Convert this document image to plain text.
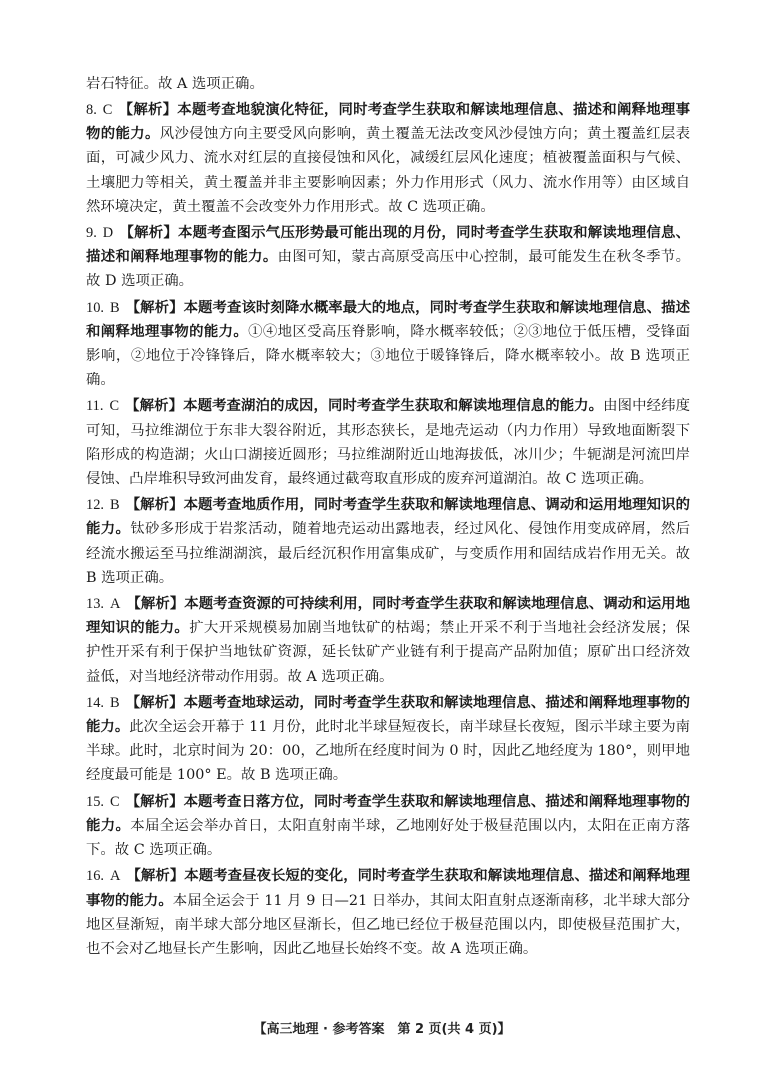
岩石特征。故 A 选项正确。
8. C 【解析】本题考查地貌演化特征，同时考查学生获取和解读地理信息、描述和阐释地理事物的能力。风沙侵蚀方向主要受风向影响，黄土覆盖无法改变风沙侵蚀方向；黄土覆盖红层表面，可减少风力、流水对红层的直接侵蚀和风化，减缓红层风化速度；植被覆盖面积与气候、土壤肥力等相关，黄土覆盖并非主要影响因素；外力作用形式（风力、流水作用等）由区域自然环境决定，黄土覆盖不会改变外力作用形式。故 C 选项正确。
9. D 【解析】本题考查图示气压形势最可能出现的月份，同时考查学生获取和解读地理信息、描述和阐释地理事物的能力。由图可知，蒙古高原受高压中心控制，最可能发生在秋冬季节。故 D 选项正确。
10. B 【解析】本题考查该时刻降水概率最大的地点，同时考查学生获取和解读地理信息、描述和阐释地理事物的能力。①④地区受高压脊影响，降水概率较低；②③地位于低压槽，受锋面影响，②地位于冷锋锋后，降水概率较大；③地位于暖锋锋后，降水概率较小。故 B 选项正确。
11. C 【解析】本题考查湖泊的成因，同时考查学生获取和解读地理信息的能力。由图中经纬度可知，马拉维湖位于东非大裂谷附近，其形态狭长，是地壳运动（内力作用）导致地面断裂下陷形成的构造湖；火山口湖接近圆形；马拉维湖附近山地海拔低，冰川少；牛轭湖是河流凹岸侵蚀、凸岸堆积导致河曲发育，最终通过截弯取直形成的废弃河道湖泊。故 C 选项正确。
12. B 【解析】本题考查地质作用，同时考查学生获取和解读地理信息、调动和运用地理知识的能力。钛砂多形成于岩浆活动，随着地壳运动出露地表，经过风化、侵蚀作用变成碎屑，然后经流水搬运至马拉维湖湖滨，最后经沉积作用富集成矿，与变质作用和固结成岩作用无关。故 B 选项正确。
13. A 【解析】本题考查资源的可持续利用，同时考查学生获取和解读地理信息、调动和运用地理知识的能力。扩大开采规模易加剧当地钛矿的枯竭；禁止开采不利于当地社会经济发展；保护性开采有利于保护当地钛矿资源，延长钛矿产业链有利于提高产品附加值；原矿出口经济效益低，对当地经济带动作用弱。故 A 选项正确。
14. B 【解析】本题考查地球运动，同时考查学生获取和解读地理信息、描述和阐释地理事物的能力。此次全运会开幕于 11 月份，此时北半球昼短夜长，南半球昼长夜短，图示半球主要为南半球。此时，北京时间为 20：00，乙地所在经度时间为 0 时，因此乙地经度为 180°，则甲地经度最可能是 100° E。故 B 选项正确。
15. C 【解析】本题考查日落方位，同时考查学生获取和解读地理信息、描述和阐释地理事物的能力。本届全运会举办首日，太阳直射南半球，乙地刚好处于极昼范围以内，太阳在正南方落下。故 C 选项正确。
16. A 【解析】本题考查昼夜长短的变化，同时考查学生获取和解读地理信息、描述和阐释地理事物的能力。本届全运会于 11 月 9 日—21 日举办，其间太阳直射点逐渐南移，北半球大部分地区昼渐短，南半球大部分地区昼渐长，但乙地已经位于极昼范围以内，即使极昼范围扩大，也不会对乙地昼长产生影响，因此乙地昼长始终不变。故 A 选项正确。
【高三地理 · 参考答案　第 2 页(共 4 页)】
